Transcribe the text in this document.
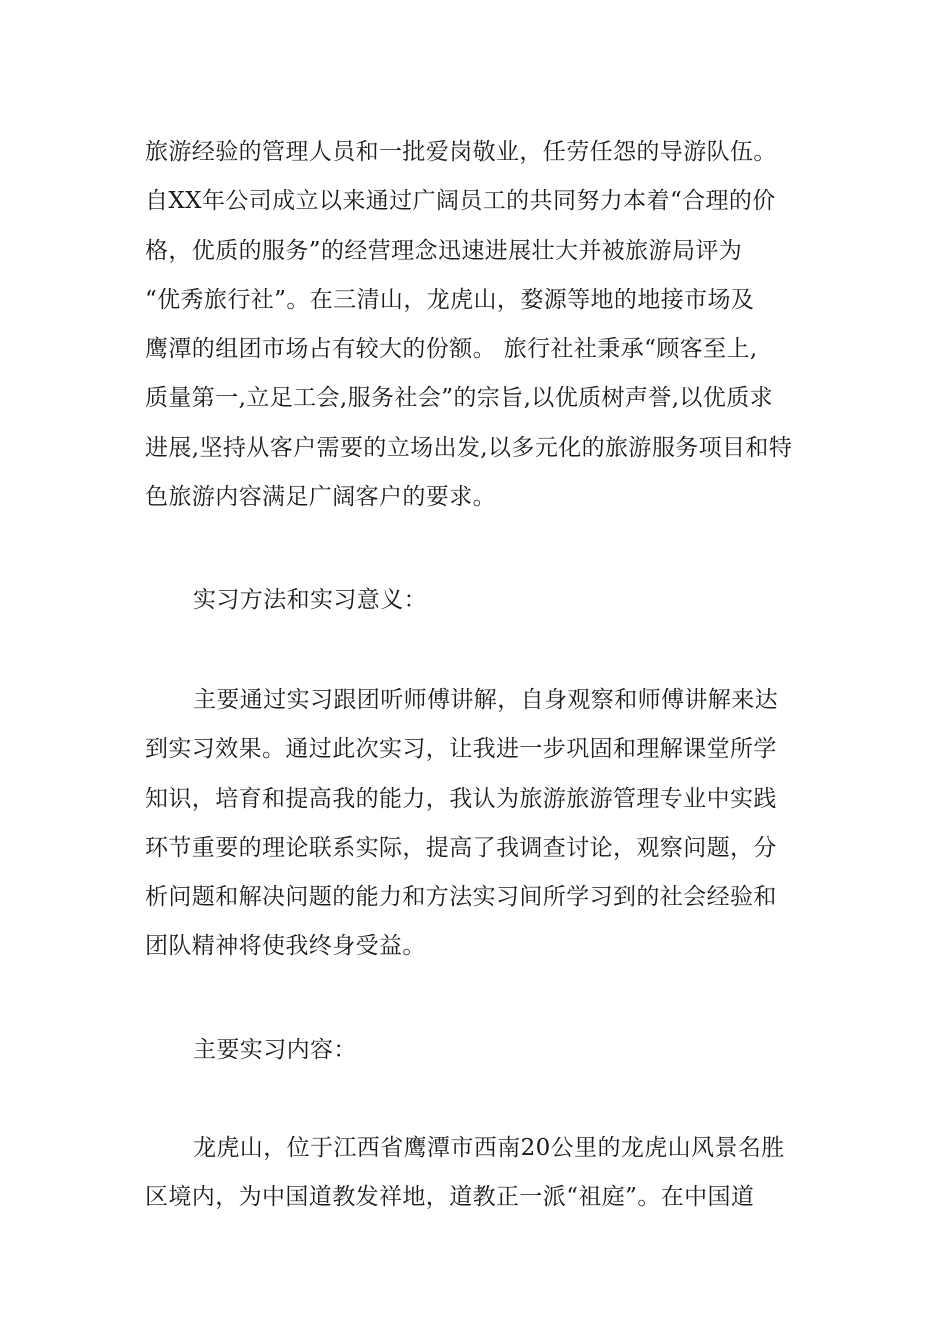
旅游经验的管理人员和一批爱岗敬业，任劳任怨的导游队伍。
自XX年公司成立以来通过广阔员工的共同努力本着“合理的价
格，优质的服务”的经营理念迅速进展壮大并被旅游局评为
“优秀旅行社”。在三清山，龙虎山，婺源等地的地接市场及
鹰潭的组团市场占有较大的份额。 旅行社社秉承“顾客至上,
质量第一,立足工会,服务社会”的宗旨,以优质树声誉,以优质求
进展,坚持从客户需要的立场出发,以多元化的旅游服务项目和特
色旅游内容满足广阔客户的要求。
实习方法和实习意义：
主要通过实习跟团听师傅讲解，自身观察和师傅讲解来达
到实习效果。通过此次实习，让我进一步巩固和理解课堂所学
知识，培育和提高我的能力，我认为旅游旅游管理专业中实践
环节重要的理论联系实际，提高了我调查讨论，观察问题，分
析问题和解决问题的能力和方法实习间所学习到的社会经验和
团队精神将使我终身受益。
主要实习内容：
龙虎山，位于江西省鹰潭市西南20公里的龙虎山风景名胜
区境内，为中国道教发祥地，道教正一派“祖庭”。在中国道
